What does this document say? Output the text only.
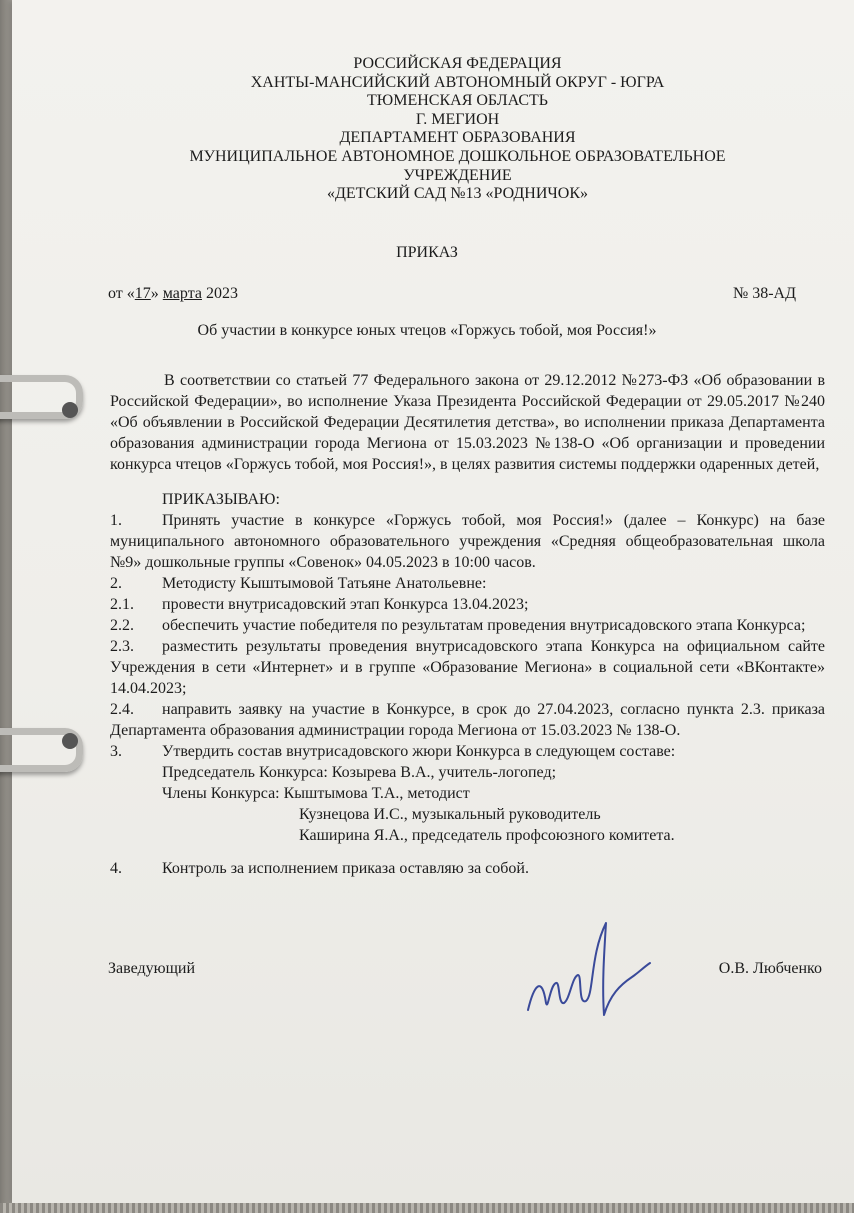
РОССИЙСКАЯ ФЕДЕРАЦИЯ
ХАНТЫ-МАНСИЙСКИЙ АВТОНОМНЫЙ ОКРУГ - ЮГРА
ТЮМЕНСКАЯ ОБЛАСТЬ
Г. МЕГИОН
ДЕПАРТАМЕНТ ОБРАЗОВАНИЯ
МУНИЦИПАЛЬНОЕ АВТОНОМНОЕ ДОШКОЛЬНОЕ ОБРАЗОВАТЕЛЬНОЕ
УЧРЕЖДЕНИЕ
«ДЕТСКИЙ САД №13 «РОДНИЧОК»
ПРИКАЗ
от «17» марта 2023	№ 38-АД
Об участии в конкурсе юных чтецов «Горжусь тобой, моя Россия!»

В соответствии со статьей 77 Федерального закона от 29.12.2012 №273-ФЗ «Об образовании в Российской Федерации», во исполнение Указа Президента Российской Федерации от 29.05.2017 №240 «Об объявлении в Российской Федерации Десятилетия детства», во исполнении приказа Департамента образования администрации города Мегиона от 15.03.2023 №138-О «Об организации и проведении конкурса чтецов «Горжусь тобой, моя Россия!», в целях развития системы поддержки одаренных детей,

ПРИКАЗЫВАЮ:

1.	Принять участие в конкурсе «Горжусь тобой, моя Россия!» (далее – Конкурс) на базе муниципального автономного образовательного учреждения «Средняя общеобразовательная школа №9» дошкольные группы «Совенок» 04.05.2023 в 10:00 часов.

2.	Методисту Кыштымовой Татьяне Анатольевне:

2.1. провести внутрисадовский этап Конкурса 13.04.2023;

2.2. обеспечить участие победителя по результатам проведения внутрисадовского этапа Конкурса;

2.3. разместить результаты проведения внутрисадовского этапа Конкурса на официальном сайте Учреждения в сети «Интернет» и в группе «Образование Мегиона» в социальной сети «ВКонтакте» 14.04.2023;

2.4. направить заявку на участие в Конкурсе, в срок до 27.04.2023, согласно пункта 2.3. приказа Департамента образования администрации города Мегиона от 15.03.2023 № 138-О.

3.	Утвердить состав внутрисадовского жюри Конкурса в следующем составе:

Председатель Конкурса: Козырева В.А., учитель-логопед;

Члены Конкурса: Кыштымова Т.А., методист

Кузнецова И.С., музыкальный руководитель

Каширина Я.А., председатель профсоюзного комитета.

4.	Контроль за исполнением приказа оставляю за собой.

Заведующий	О.В. Любченко
